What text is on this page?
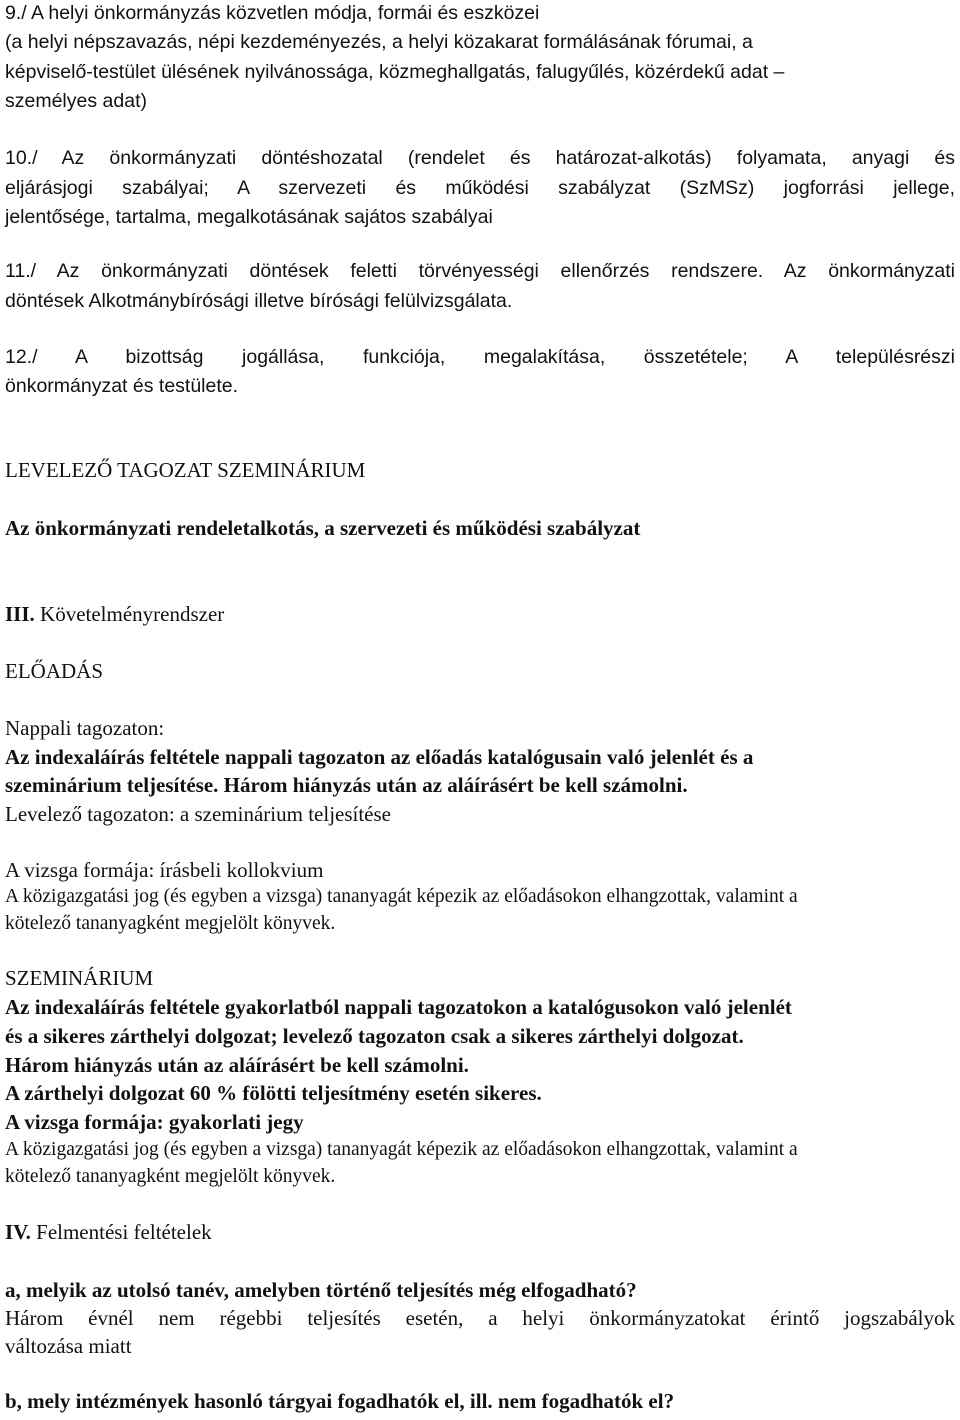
9./ A helyi önkormányzás közvetlen módja, formái és eszközei
(a helyi népszavazás, népi kezdeményezés, a helyi közakarat formálásának fórumai, a
képviselő-testület ülésének nyilvánossága, közmeghallgatás, falugyűlés, közérdekű adat –
személyes adat)
10./ Az önkormányzati döntéshozatal (rendelet és határozat-alkotás) folyamata, anyagi és
eljárásjogi szabályai; A szervezeti és működési szabályzat (SzMSz) jogforrási jellege,
jelentősége, tartalma, megalkotásának sajátos szabályai
11./ Az önkormányzati döntések feletti törvényességi ellenőrzés rendszere. Az önkormányzati
döntések Alkotmánybírósági illetve bírósági felülvizsgálata.
12./ A bizottság jogállása, funkciója, megalakítása, összetétele; A településrészi
önkormányzat és testülete.
LEVELEZŐ TAGOZAT SZEMINÁRIUM
Az önkormányzati rendeletalkotás, a szervezeti és működési szabályzat
III. Követelményrendszer
ELŐADÁS
Nappali tagozaton:
Az indexaláírás feltétele nappali tagozaton az előadás katalógusain való jelenlét és a
szeminárium teljesítése. Három hiányzás után az aláírásért be kell számolni.
Levelező tagozaton: a szeminárium teljesítése
A vizsga formája: írásbeli kollokvium
A közigazgatási jog (és egyben a vizsga) tananyagát képezik az előadásokon elhangzottak, valamint a
kötelező tananyagként megjelölt könyvek.
SZEMINÁRIUM
Az indexaláírás feltétele gyakorlatból nappali tagozatokon a katalógusokon való jelenlét
és a sikeres zárthelyi dolgozat; levelező tagozaton csak a sikeres zárthelyi dolgozat.
Három hiányzás után az aláírásért be kell számolni.
A zárthelyi dolgozat 60 % fölötti teljesítmény esetén sikeres.
A vizsga formája: gyakorlati jegy
A közigazgatási jog (és egyben a vizsga) tananyagát képezik az előadásokon elhangzottak, valamint a
kötelező tananyagként megjelölt könyvek.
IV. Felmentési feltételek
a, melyik az utolsó tanév, amelyben történő teljesítés még elfogadható?
Három évnél nem régebbi teljesítés esetén, a helyi önkormányzatokat érintő jogszabályok
változása miatt
b, mely intézmények hasonló tárgyai fogadhatók el, ill. nem fogadhatók el?
